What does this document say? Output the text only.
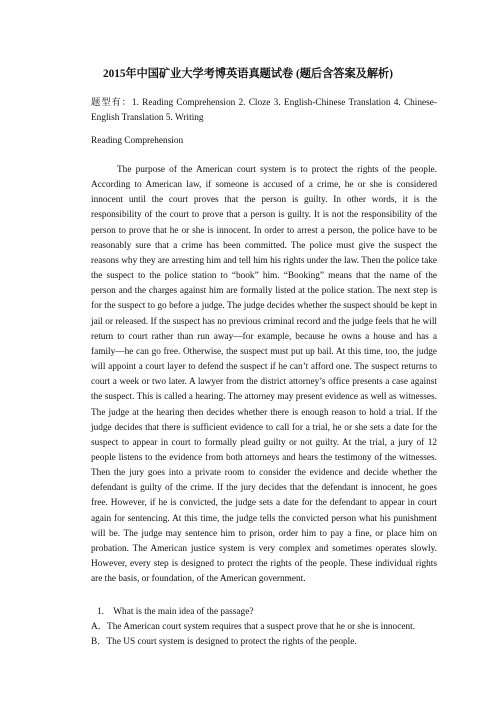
2015年中国矿业大学考博英语真题试卷 (题后含答案及解析)
题型有：1. Reading Comprehension 2. Cloze 3. English-Chinese Translation 4. Chinese-English Translation 5. Writing
Reading Comprehension

The purpose of the American court system is to protect the rights of the people. According to American law, if someone is accused of a crime, he or she is considered innocent until the court proves that the person is guilty. In other words, it is the responsibility of the court to prove that a person is guilty. It is not the responsibility of the person to prove that he or she is innocent. In order to arrest a person, the police have to be reasonably sure that a crime has been committed. The police must give the suspect the reasons why they are arresting him and tell him his rights under the law. Then the police take the suspect to the police station to “book” him. “Booking” means that the name of the person and the charges against him are formally listed at the police station. The next step is for the suspect to go before a judge. The judge decides whether the suspect should be kept in jail or released. If the suspect has no previous criminal record and the judge feels that he will return to court rather than run away—for example, because he owns a house and has a family—he can go free. Otherwise, the suspect must put up bail. At this time, too, the judge will appoint a court layer to defend the suspect if he can’t afford one. The suspect returns to court a week or two later. A lawyer from the district attorney’s office presents a case against the suspect. This is called a hearing. The attorney may present evidence as well as witnesses. The judge at the hearing then decides whether there is enough reason to hold a trial. If the judge decides that there is sufficient evidence to call for a trial, he or she sets a date for the suspect to appear in court to formally plead guilty or not guilty. At the trial, a jury of 12 people listens to the evidence from both attorneys and hears the testimony of the witnesses. Then the jury goes into a private room to consider the evidence and decide whether the defendant is guilty of the crime. If the jury decides that the defendant is innocent, he goes free. However, if he is convicted, the judge sets a date for the defendant to appear in court again for sentencing. At this time, the judge tells the convicted person what his punishment will be. The judge may sentence him to prison, order him to pay a fine, or place him on probation. The American justice system is very complex and sometimes operates slowly. However, every step is designed to protect the rights of the people. These individual rights are the basis, or foundation, of the American government.

1.　What is the main idea of the passage?
A．The American court system requires that a suspect prove that he or she is innocent.
B．The US court system is designed to protect the rights of the people.
